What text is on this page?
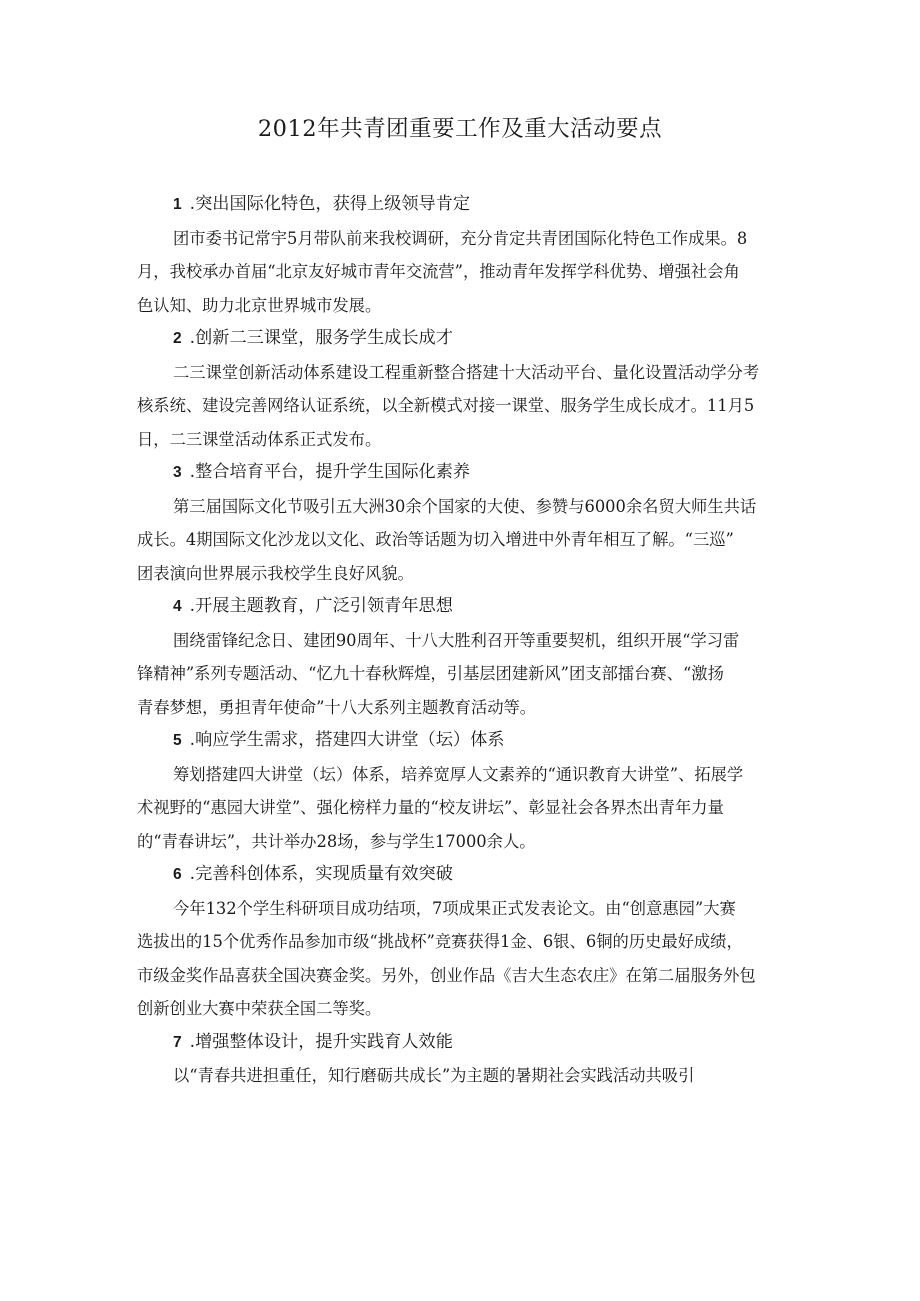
2012年共青团重要工作及重大活动要点

1 .突出国际化特色，获得上级领导肯定

团市委书记常宇5月带队前来我校调研，充分肯定共青团国际化特色工作成果。8
月，我校承办首届“北京友好城市青年交流营”，推动青年发挥学科优势、增强社会角
色认知、助力北京世界城市发展。

2 .创新二三课堂，服务学生成长成才

二三课堂创新活动体系建设工程重新整合搭建十大活动平台、量化设置活动学分考
核系统、建设完善网络认证系统，以全新模式对接一课堂、服务学生成长成才。11月5
日，二三课堂活动体系正式发布。

3 .整合培育平台，提升学生国际化素养

第三届国际文化节吸引五大洲30余个国家的大使、参赞与6000余名贸大师生共话
成长。4期国际文化沙龙以文化、政治等话题为切入增进中外青年相互了解。“三巡”
团表演向世界展示我校学生良好风貌。

4 .开展主题教育，广泛引领青年思想

围绕雷锋纪念日、建团90周年、十八大胜利召开等重要契机，组织开展“学习雷
锋精神”系列专题活动、“忆九十春秋辉煌，引基层团建新风”团支部擂台赛、“激扬
青春梦想，勇担青年使命”十八大系列主题教育活动等。

5 .响应学生需求，搭建四大讲堂（坛）体系

筹划搭建四大讲堂（坛）体系，培养宽厚人文素养的“通识教育大讲堂”、拓展学
术视野的“惠园大讲堂”、强化榜样力量的“校友讲坛”、彰显社会各界杰出青年力量
的“青春讲坛”，共计举办28场，参与学生17000余人。

6 .完善科创体系，实现质量有效突破

今年132个学生科研项目成功结项，7项成果正式发表论文。由“创意惠园”大赛
选拔出的15个优秀作品参加市级“挑战杯”竞赛获得1金、6银、6铜的历史最好成绩，
市级金奖作品喜获全国决赛金奖。另外，创业作品《吉大生态农庄》在第二届服务外包
创新创业大赛中荣获全国二等奖。

7 .增强整体设计，提升实践育人效能

以“青春共进担重任，知行磨砺共成长”为主题的暑期社会实践活动共吸引
